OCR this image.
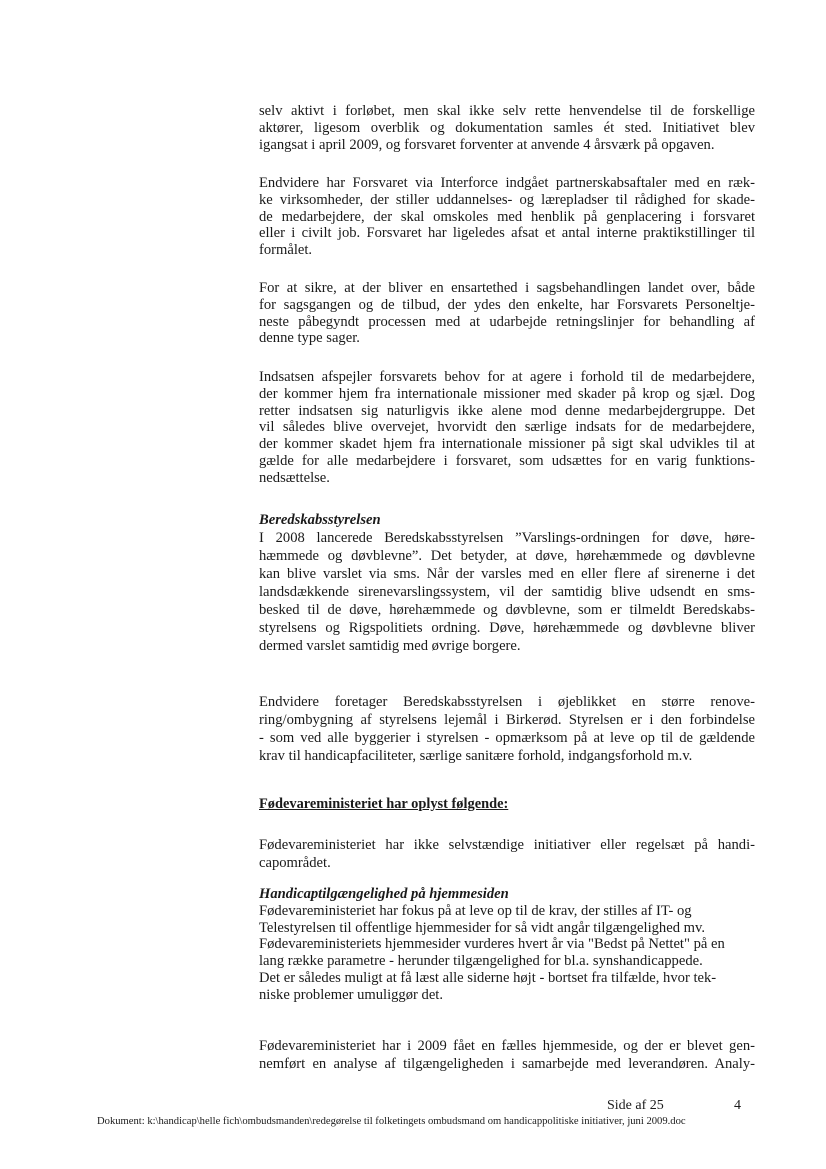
selv aktivt i forløbet, men skal ikke selv rette henvendelse til de forskellige
aktører, ligesom overblik og dokumentation samles ét sted. Initiativet blev
igangsat i april 2009, og forsvaret forventer at anvende 4 årsværk på opgaven.
Endvidere har Forsvaret via Interforce indgået partnerskabsaftaler med en ræk-
ke virksomheder, der stiller uddannelses- og lærepladser til rådighed for skade-
de medarbejdere, der skal omskoles med henblik på genplacering i forsvaret
eller i civilt job. Forsvaret har ligeledes afsat et antal interne praktikstillinger til
formålet.
For at sikre, at der bliver en ensartethed i sagsbehandlingen landet over, både
for sagsgangen og de tilbud, der ydes den enkelte, har Forsvarets Personeltje-
neste påbegyndt processen med at udarbejde retningslinjer for behandling af
denne type sager.
Indsatsen afspejler forsvarets behov for at agere i forhold til de medarbejdere,
der kommer hjem fra internationale missioner med skader på krop og sjæl. Dog
retter indsatsen sig naturligvis ikke alene mod denne medarbejdergruppe. Det
vil således blive overvejet, hvorvidt den særlige indsats for de medarbejdere,
der kommer skadet hjem fra internationale missioner på sigt skal udvikles til at
gælde for alle medarbejdere i forsvaret, som udsættes for en varig funktions-
nedsættelse.
Beredskabsstyrelsen
I 2008 lancerede Beredskabsstyrelsen ”Varslings-ordningen for døve, høre-
hæmmede og døvblevne”. Det betyder, at døve, hørehæmmede og døvblevne
kan blive varslet via sms. Når der varsles med en eller flere af sirenerne i det
landsdækkende sirenevarslingssystem, vil der samtidig blive udsendt en sms-
besked til de døve, hørehæmmede og døvblevne, som er tilmeldt Beredskabs-
styrelsens og Rigspolitiets ordning. Døve, hørehæmmede og døvblevne bliver
dermed varslet samtidig med øvrige borgere.
Endvidere foretager Beredskabsstyrelsen i øjeblikket en større renove-
ring/ombygning af styrelsens lejemål i Birkerød. Styrelsen er i den forbindelse
- som ved alle byggerier i styrelsen - opmærksom på at leve op til de gældende
krav til handicapfaciliteter, særlige sanitære forhold, indgangsforhold m.v.
Fødevareministeriet har oplyst følgende:
Fødevareministeriet har ikke selvstændige initiativer eller regelsæt på handi-
capområdet.
Handicaptilgængelighed på hjemmesiden
Fødevareministeriet har fokus på at leve op til de krav, der stilles af IT- og
Telestyrelsen til offentlige hjemmesider for så vidt angår tilgængelighed mv.
Fødevareministeriets hjemmesider vurderes hvert år via "Bedst på Nettet" på en
lang række parametre - herunder tilgængelighed for bl.a. synshandicappede.
Det er således muligt at få læst alle siderne højt - bortset fra tilfælde, hvor tek-
niske problemer umuliggør det.
Fødevareministeriet har i 2009 fået en fælles hjemmeside, og der er blevet gen-
nemført en analyse af tilgængeligheden i samarbejde med leverandøren. Analy-
Side af 25	4
Dokument: k:\handicap\helle fich\ombudsmanden\redegørelse til folketingets ombudsmand om handicappolitiske initiativer, juni 2009.doc
